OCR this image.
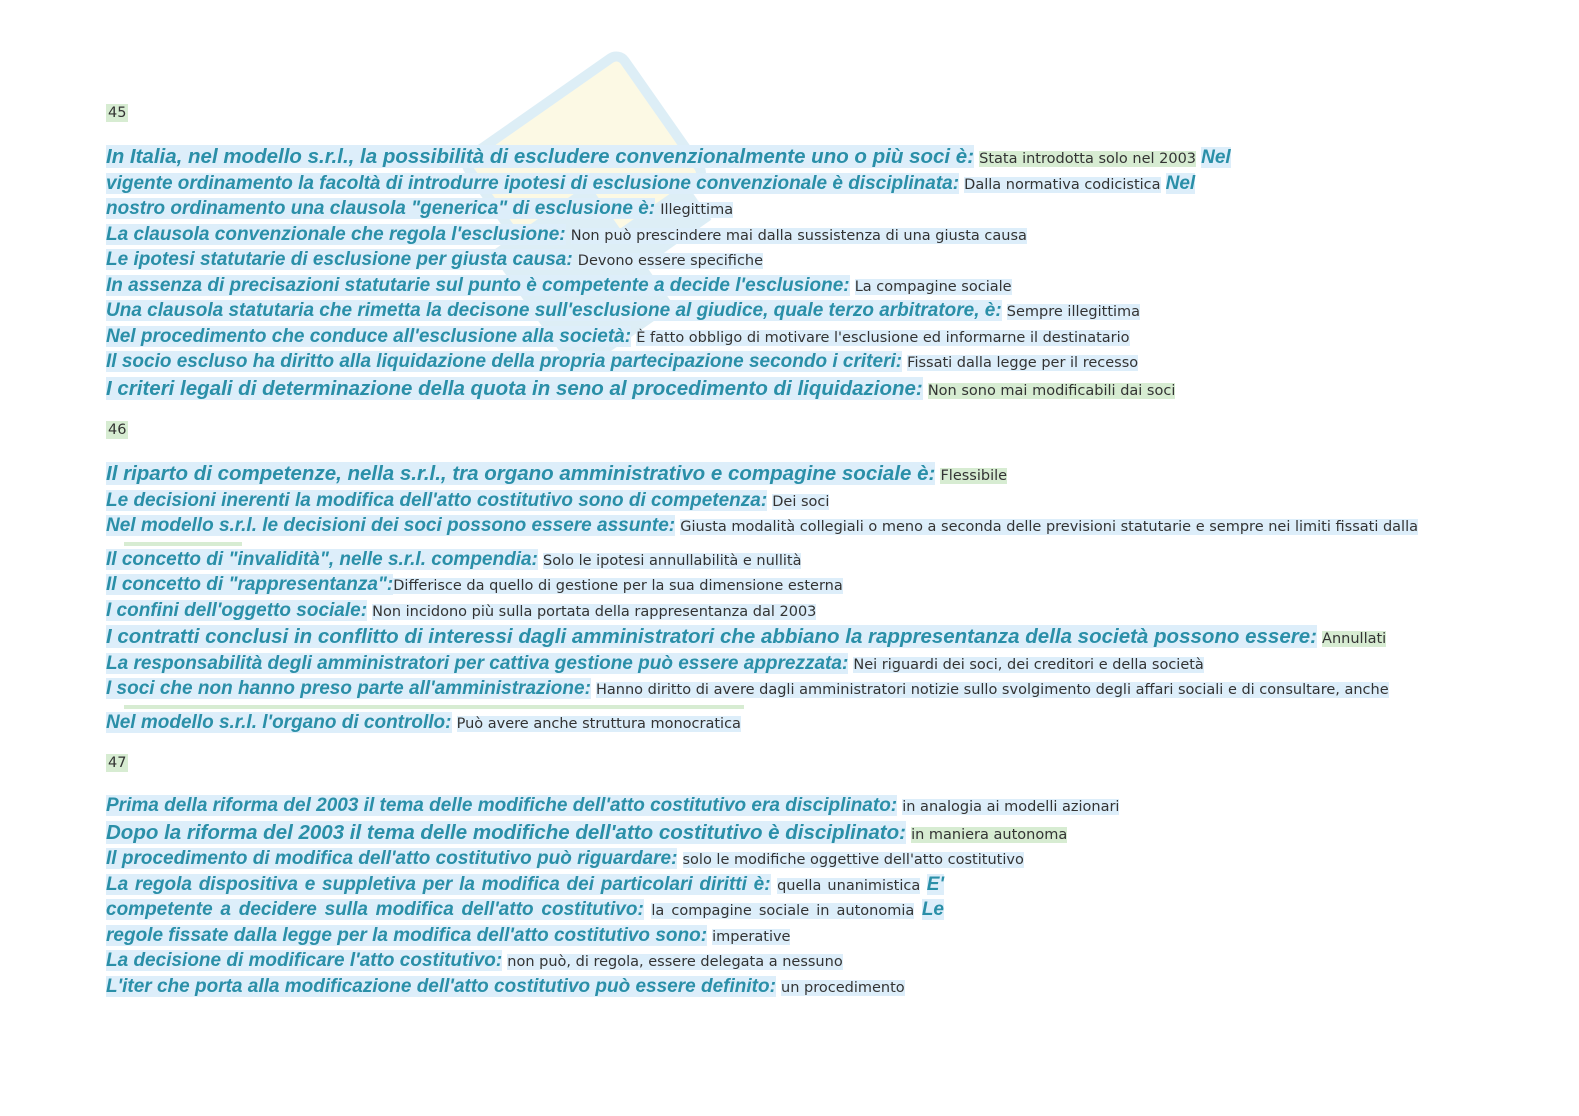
45
In Italia, nel modello s.r.l., la possibilità di escludere convenzionalmente uno o più soci è: Stata introdotta solo nel 2003 Nel vigente ordinamento la facoltà di introdurre ipotesi di esclusione convenzionale è disciplinata: Dalla normativa codicistica Nel nostro ordinamento una clausola "generica" di esclusione è: Illegittima
La clausola convenzionale che regola l'esclusione: Non può prescindere mai dalla sussistenza di una giusta causa
Le ipotesi statutarie di esclusione per giusta causa: Devono essere specifiche
In assenza di precisazioni statutarie sul punto è competente a decide l'esclusione: La compagine sociale
Una clausola statutaria che rimetta la decisone sull'esclusione al giudice, quale terzo arbitratore, è: Sempre illegittima
Nel procedimento che conduce all'esclusione alla società: È fatto obbligo di motivare l'esclusione ed informarne il destinatario
Il socio escluso ha diritto alla liquidazione della propria partecipazione secondo i criteri: Fissati dalla legge per il recesso
I criteri legali di determinazione della quota in seno al procedimento di liquidazione: Non sono mai modificabili dai soci
46
Il riparto di competenze, nella s.r.l., tra organo amministrativo e compagine sociale è: Flessibile
Le decisioni inerenti la modifica dell'atto costitutivo sono di competenza: Dei soci
Nel modello s.r.l. le decisioni dei soci possono essere assunte: Giusta modalità collegiali o meno a seconda delle previsioni statutarie e sempre nei limiti fissati dalla
Il concetto di "invalidità", nelle s.r.l. compendia: Solo le ipotesi annullabilità e nullità
Il concetto di "rappresentanza":Differisce da quello di gestione per la sua dimensione esterna
I confini dell'oggetto sociale: Non incidono più sulla portata della rappresentanza dal 2003
I contratti conclusi in conflitto di interessi dagli amministratori che abbiano la rappresentanza della società possono essere: Annullati
La responsabilità degli amministratori per cattiva gestione può essere apprezzata: Nei riguardi dei soci, dei creditori e della società
I soci che non hanno preso parte all'amministrazione: Hanno diritto di avere dagli amministratori notizie sullo svolgimento degli affari sociali e di consultare, anche
Nel modello s.r.l. l'organo di controllo: Può avere anche struttura monocratica
47
Prima della riforma del 2003 il tema delle modifiche dell'atto costitutivo era disciplinato: in analogia ai modelli azionari
Dopo la riforma del 2003 il tema delle modifiche dell'atto costitutivo è disciplinato: in maniera autonoma
Il procedimento di modifica dell'atto costitutivo può riguardare: solo le modifiche oggettive dell'atto costitutivo
La regola dispositiva e suppletiva per la modifica dei particolari diritti è: quella unanimistica E' competente a decidere sulla modifica dell'atto costitutivo: la compagine sociale in autonomia Le regole fissate dalla legge per la modifica dell'atto costitutivo sono: imperative
La decisione di modificare l'atto costitutivo: non può, di regola, essere delegata a nessuno
L'iter che porta alla modificazione dell'atto costitutivo può essere definito: un procedimento
